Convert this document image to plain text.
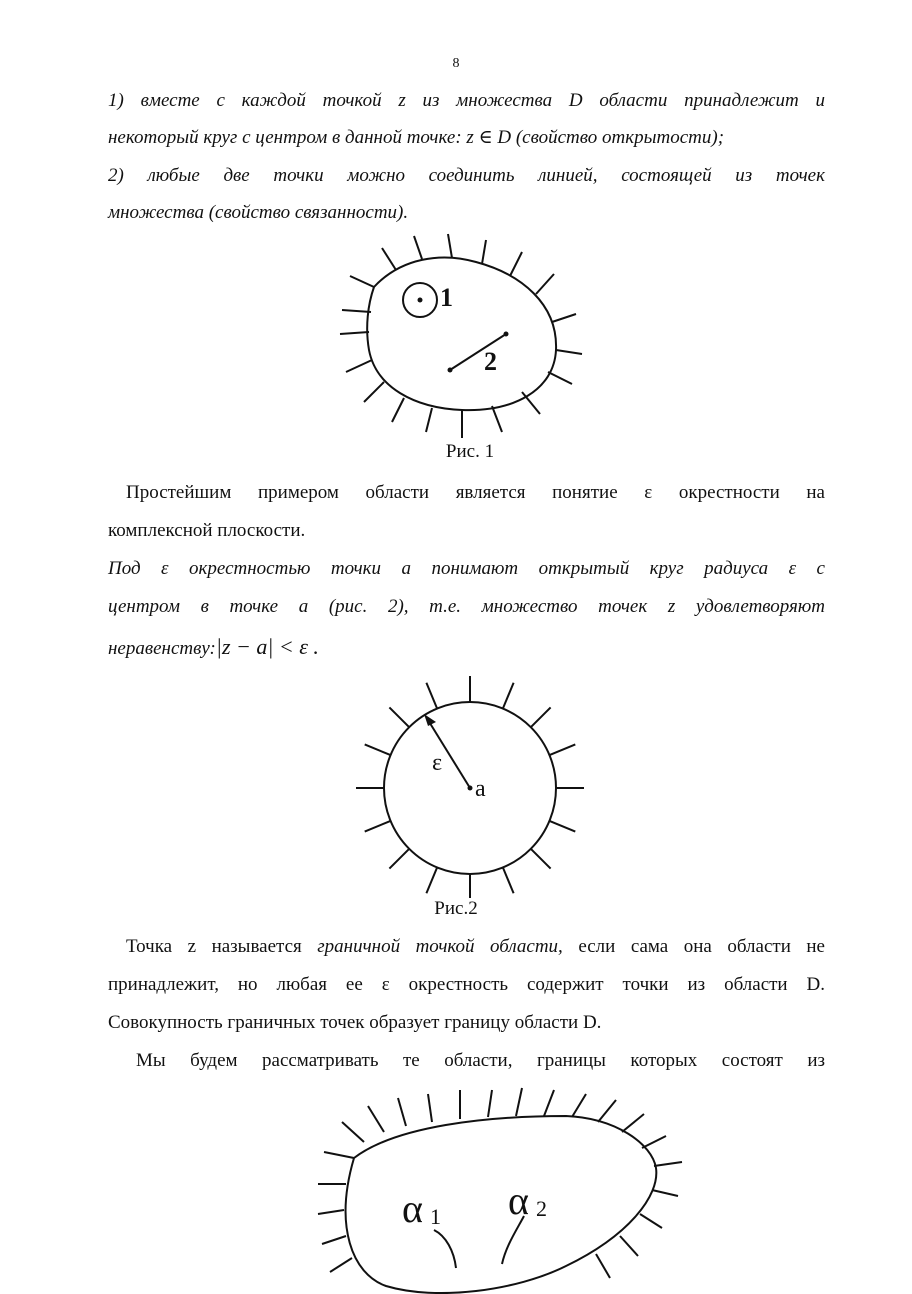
8
1) вместе с каждой точкой z из множества D области принадлежит и
некоторый круг с центром в данной точке: z ∈ D (свойство открытости);
2) любые две точки можно соединить линией, состоящей из точек
множества (свойство связанности).
1
2
Рис. 1
Простейшим примером области является понятие ε окрестности на
комплексной плоскости.
Под ε окрестностью точки a понимают открытый круг радиуса ε с
центром в точке a (рис. 2), т.е. множество точек z удовлетворяют
неравенству:|z − a| < ε .
ε
a
Рис.2
Точка z называется граничной точкой области, если сама она области не
принадлежит, но любая ее ε окрестность содержит точки из области D.
Совокупность граничных точек образует границу области D.
Мы будем рассматривать те области, границы которых состоят из
α 1 α 2
